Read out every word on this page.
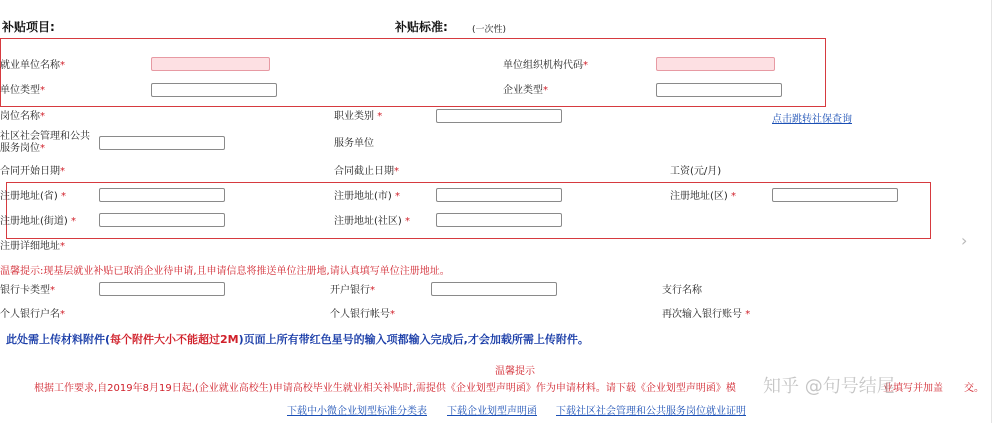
补贴项目:	补贴标准:	(一次性)
就业单位名称*	单位组织机构代码*
单位类型*	企业类型*
岗位名称*	职业类别 *	点击跳转社保查询
社区社会管理和公共
服务岗位*	服务单位
合同开始日期*	合同截止日期*	工资(元/月)
注册地址(省) *	注册地址(市) *	注册地址(区) *
注册地址(街道) *	注册地址(社区) *
注册详细地址*
温馨提示:现基层就业补贴已取消企业待申请,且申请信息将推送单位注册地,请认真填写单位注册地址。
银行卡类型*	开户银行*	支行名称
个人银行户名*	个人银行帐号*	再次输入银行账号 *
此处需上传材料附件(每个附件大小不能超过2M)页面上所有带红色星号的输入项都输入完成后,才会加载所需上传附件。
温馨提示
根据工作要求,自2019年8月19日起,(企业就业高校生)申请高校毕业生就业相关补贴时,需提供《企业划型声明函》作为申请材料。请下载《企业划型声明函》模	业填写并加盖 交。
下载中小微企业划型标准分类表 下载企业划型声明函 下载社区社会管理和公共服务岗位就业证明
知乎 @句号结尾
›
